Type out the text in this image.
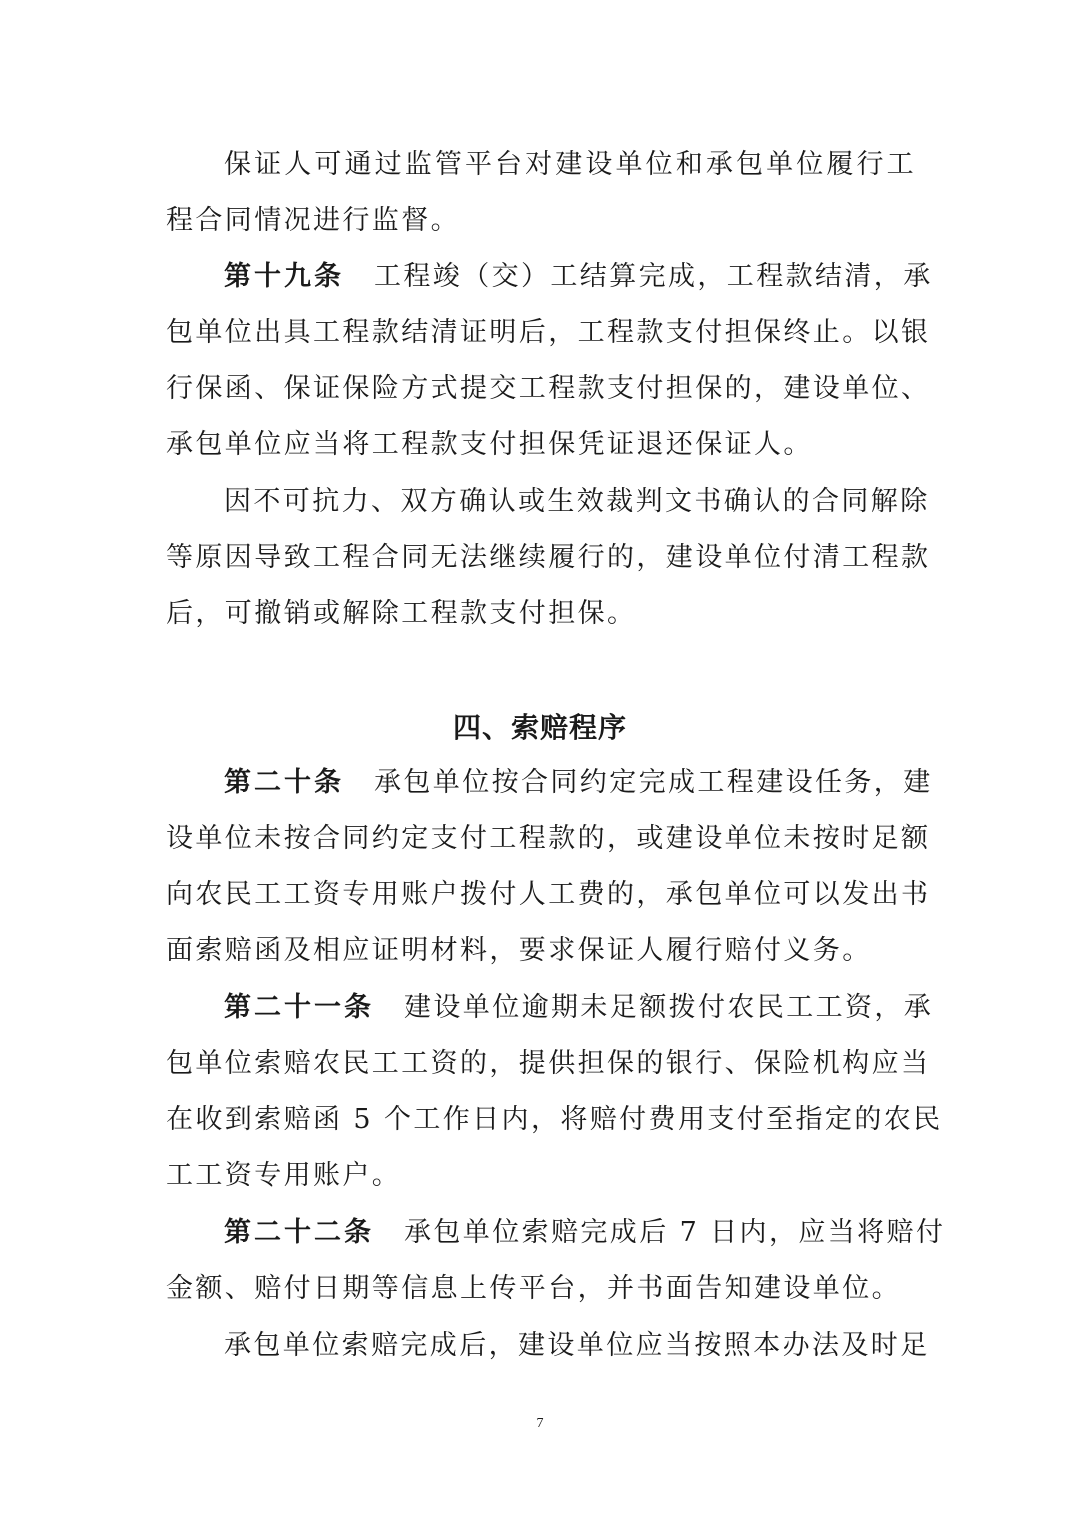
保证人可通过监管平台对建设单位和承包单位履行工
程合同情况进行监督。
第十九条 工程竣（交）工结算完成，工程款结清，承
包单位出具工程款结清证明后，工程款支付担保终止。以银
行保函、保证保险方式提交工程款支付担保的，建设单位、
承包单位应当将工程款支付担保凭证退还保证人。
因不可抗力、双方确认或生效裁判文书确认的合同解除
等原因导致工程合同无法继续履行的，建设单位付清工程款
后，可撤销或解除工程款支付担保。
四、索赔程序
第二十条 承包单位按合同约定完成工程建设任务，建
设单位未按合同约定支付工程款的，或建设单位未按时足额
向农民工工资专用账户拨付人工费的，承包单位可以发出书
面索赔函及相应证明材料，要求保证人履行赔付义务。
第二十一条 建设单位逾期未足额拨付农民工工资，承
包单位索赔农民工工资的，提供担保的银行、保险机构应当
在收到索赔函 5 个工作日内，将赔付费用支付至指定的农民
工工资专用账户。
第二十二条 承包单位索赔完成后 7 日内，应当将赔付
金额、赔付日期等信息上传平台，并书面告知建设单位。
承包单位索赔完成后，建设单位应当按照本办法及时足
7
